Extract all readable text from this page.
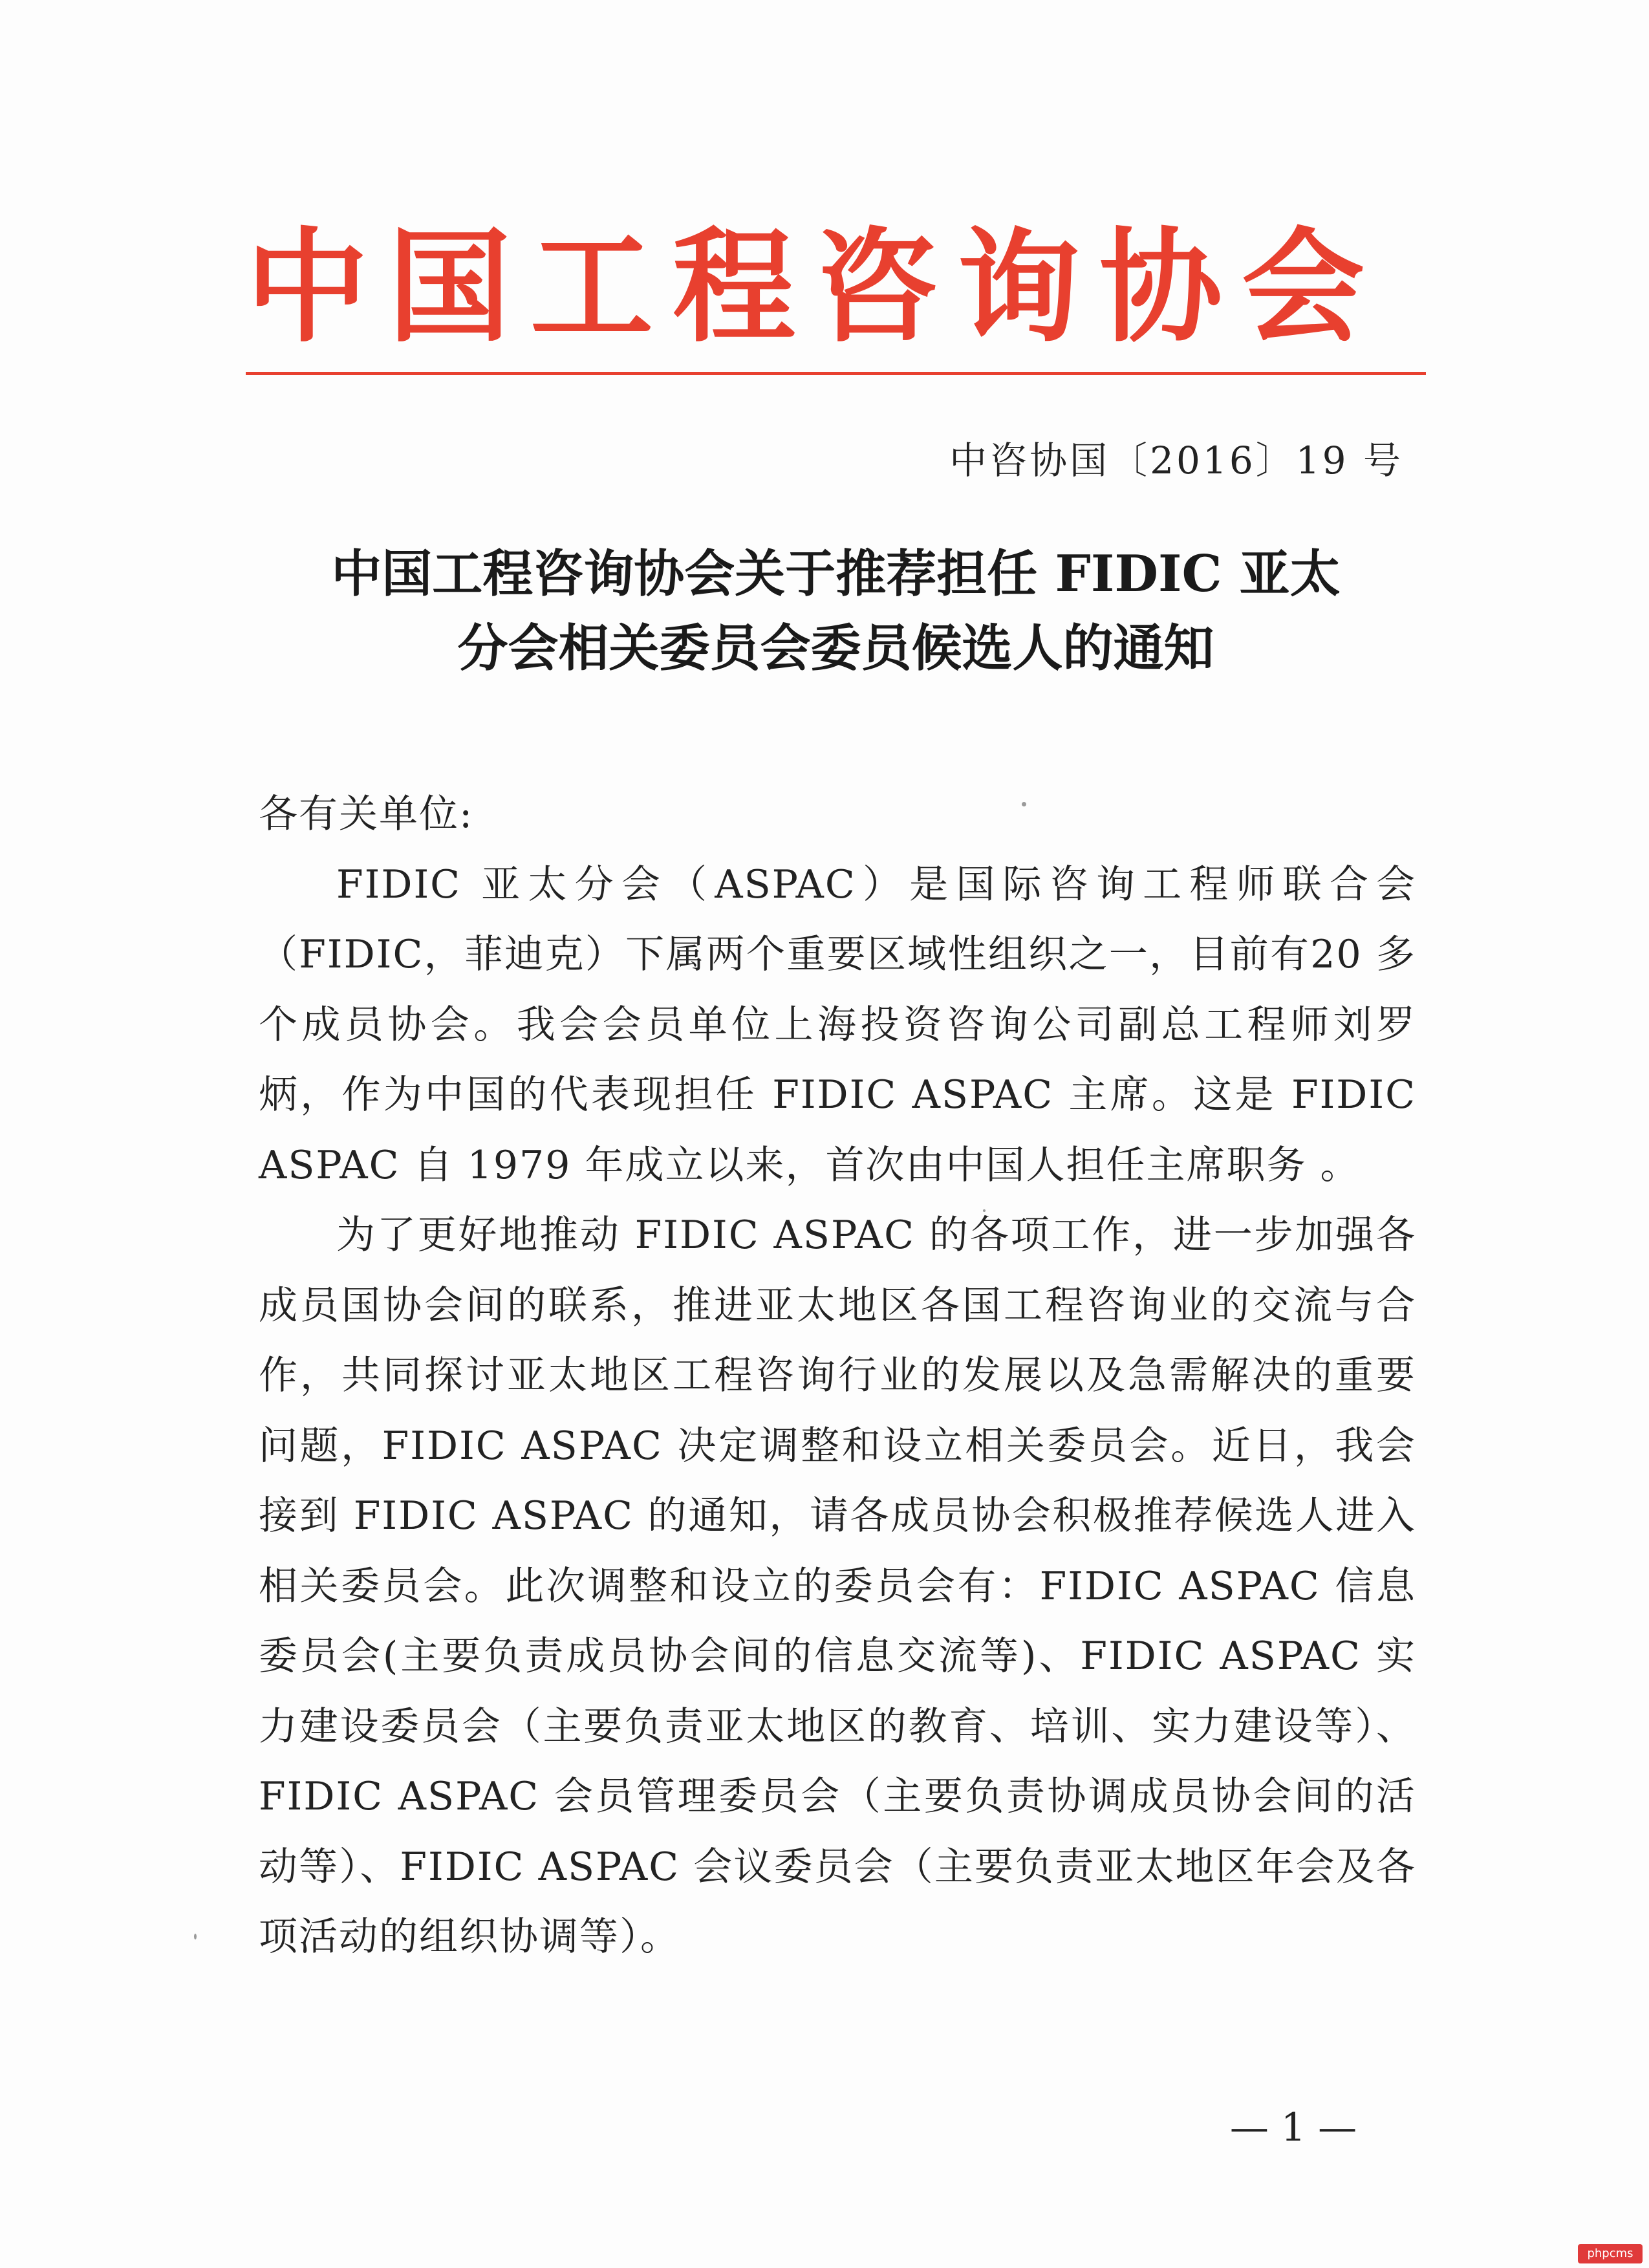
中国工程咨询协会
中咨协国〔2016〕19 号
中国工程咨询协会关于推荐担任 FIDIC 亚太
分会相关委员会委员候选人的通知

各有关单位:

FIDIC 亚太分会（ASPAC）是国际咨询工程师联合会（FIDIC，菲迪克）下属两个重要区域性组织之一，目前有20 多个成员协会。我会会员单位上海投资咨询公司副总工程师刘罗炳，作为中国的代表现担任 FIDIC ASPAC 主席。这是 FIDIC ASPAC 自 1979 年成立以来，首次由中国人担任主席职务 。

为了更好地推动 FIDIC ASPAC 的各项工作，进一步加强各成员国协会间的联系，推进亚太地区各国工程咨询业的交流与合作，共同探讨亚太地区工程咨询行业的发展以及急需解决的重要问题，FIDIC ASPAC 决定调整和设立相关委员会。近日，我会接到 FIDIC ASPAC 的通知，请各成员协会积极推荐候选人进入相关委员会。此次调整和设立的委员会有：FIDIC ASPAC 信息委员会(主要负责成员协会间的信息交流等)、FIDIC ASPAC 实力建设委员会（主要负责亚太地区的教育、培训、实力建设等）、FIDIC ASPAC 会员管理委员会（主要负责协调成员协会间的活动等）、FIDIC ASPAC 会议委员会（主要负责亚太地区年会及各项活动的组织协调等）。

— 1 —
phpcms
